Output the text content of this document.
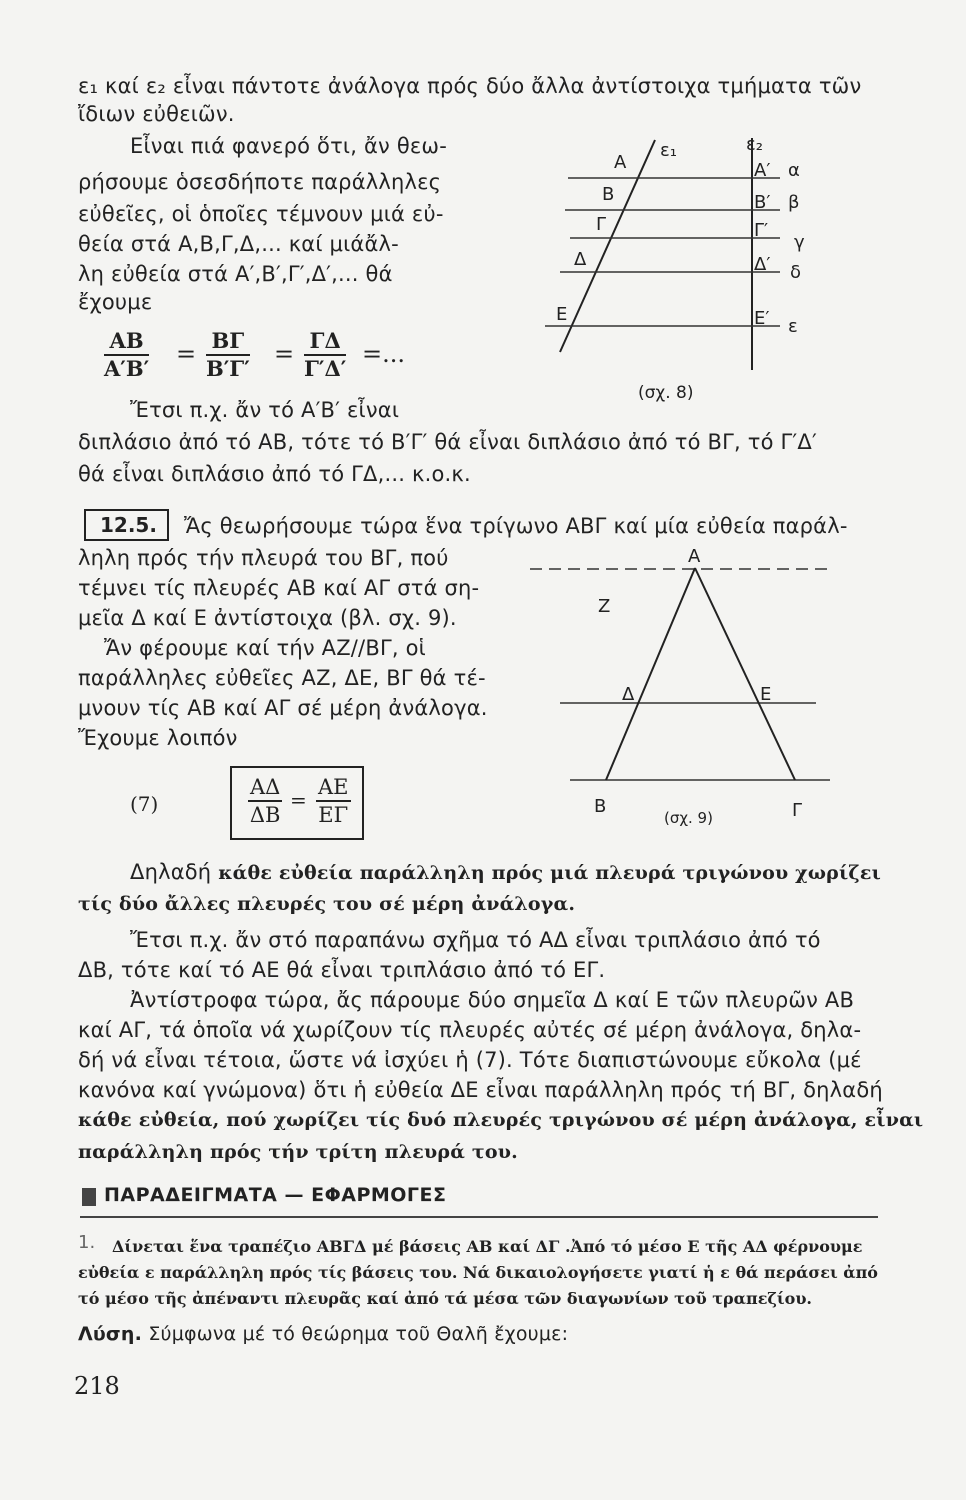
ε₁ καί ε₂ εἶναι πάντοτε ἀνάλογα πρός δύο ἄλλα ἀντίστοιχα τμήματα τῶν
ἴδιων εὐθειῶν.
Εἶναι πιά φανερό ὅτι, ἄν θεω-
ρήσουμε ὁσεσδήποτε παράλληλες
εὐθεῖες, οἱ ὁποῖες τέμνουν μιά εὐ-
θεία στά Α,Β,Γ,Δ,... καί μιάἄλ-
λη εὐθεία στά Α′,Β′,Γ′,Δ′,... θά
ἔχουμε
$\frac{AB}{A'B'} = \frac{B\Gamma}{B'\Gamma'} = \frac{\Gamma\Delta}{\Gamma'\Delta'}$ =...
Ἔτσι π.χ. ἄν τό Α′Β′ εἶναι
διπλάσιο ἀπό τό ΑΒ, τότε τό Β′Γ′ θά εἶναι διπλάσιο ἀπό τό ΒΓ, τό Γ′Δ′
θά εἶναι διπλάσιο ἀπό τό ΓΔ,... κ.ο.κ.
Α
Β
Γ
Δ
Ε
ε₁	ε₂
Α′
Β′
Γ′
Δ′
Ε′
α
β
γ
δ
ε
(σχ. 8)
12.5.	Ἄς θεωρήσουμε τώρα ἕνα τρίγωνο ΑΒΓ καί μία εὐθεία παράλ-
ληλη πρός τήν πλευρά του ΒΓ, πού
τέμνει τίς πλευρές ΑΒ καί ΑΓ στά ση-
μεῖα Δ καί Ε ἀντίστοιχα (βλ. σχ. 9).
Ἄν φέρουμε καί τήν ΑΖ//ΒΓ, οἱ
παράλληλες εὐθεῖες ΑΖ, ΔΕ, ΒΓ θά τέ-
μνουν τίς ΑΒ καί ΑΓ σέ μέρη ἀνάλογα.
Ἔχουμε λοιπόν
(7)	$\frac{A\Delta}{\Delta B} = \frac{AE}{E\Gamma}$
Α
Ζ
Δ	Ε
Β	Γ
(σχ. 9)
Δηλαδή κάθε εὐθεία παράλληλη πρός μιά πλευρά τριγώνου χωρίζει
τίς δύο ἄλλες πλευρές του σέ μέρη ἀνάλογα.
Ἔτσι π.χ. ἄν στό παραπάνω σχῆμα τό ΑΔ εἶναι τριπλάσιο ἀπό τό
ΔΒ, τότε καί τό ΑΕ θά εἶναι τριπλάσιο ἀπό τό ΕΓ.
Ἀντίστροφα τώρα, ἄς πάρουμε δύο σημεῖα Δ καί Ε τῶν πλευρῶν ΑΒ
καί ΑΓ, τά ὁποῖα νά χωρίζουν τίς πλευρές αὐτές σέ μέρη ἀνάλογα, δηλα-
δή νά εἶναι τέτοια, ὥστε νά ἰσχύει ἡ (7). Τότε διαπιστώνουμε εὔκολα (μέ
κανόνα καί γνώμονα) ὅτι ἡ εὐθεία ΔΕ εἶναι παράλληλη πρός τή ΒΓ, δηλαδή
κάθε εὐθεία, πού χωρίζει τίς δυό πλευρές τριγώνου σέ μέρη ἀνάλογα, εἶναι
παράλληλη πρός τήν τρίτη πλευρά του.
ΠΑΡΑΔΕΙΓΜΑΤΑ — ΕΦΑΡΜΟΓΕΣ
1. Δίνεται ἕνα τραπέζιο ΑΒΓΔ μέ βάσεις ΑΒ καί ΔΓ .Ἀπό τό μέσο Ε τῆς ΑΔ φέρνουμε
εὐθεία ε παράλληλη πρός τίς βάσεις του. Νά δικαιολογήσετε γιατί ἡ ε θά περάσει ἀπό
τό μέσο τῆς ἀπέναντι πλευρᾶς καί ἀπό τά μέσα τῶν διαγωνίων τοῦ τραπεζίου.
Λύση. Σύμφωνα μέ τό θεώρημα τοῦ Θαλῆ ἔχουμε:
218
